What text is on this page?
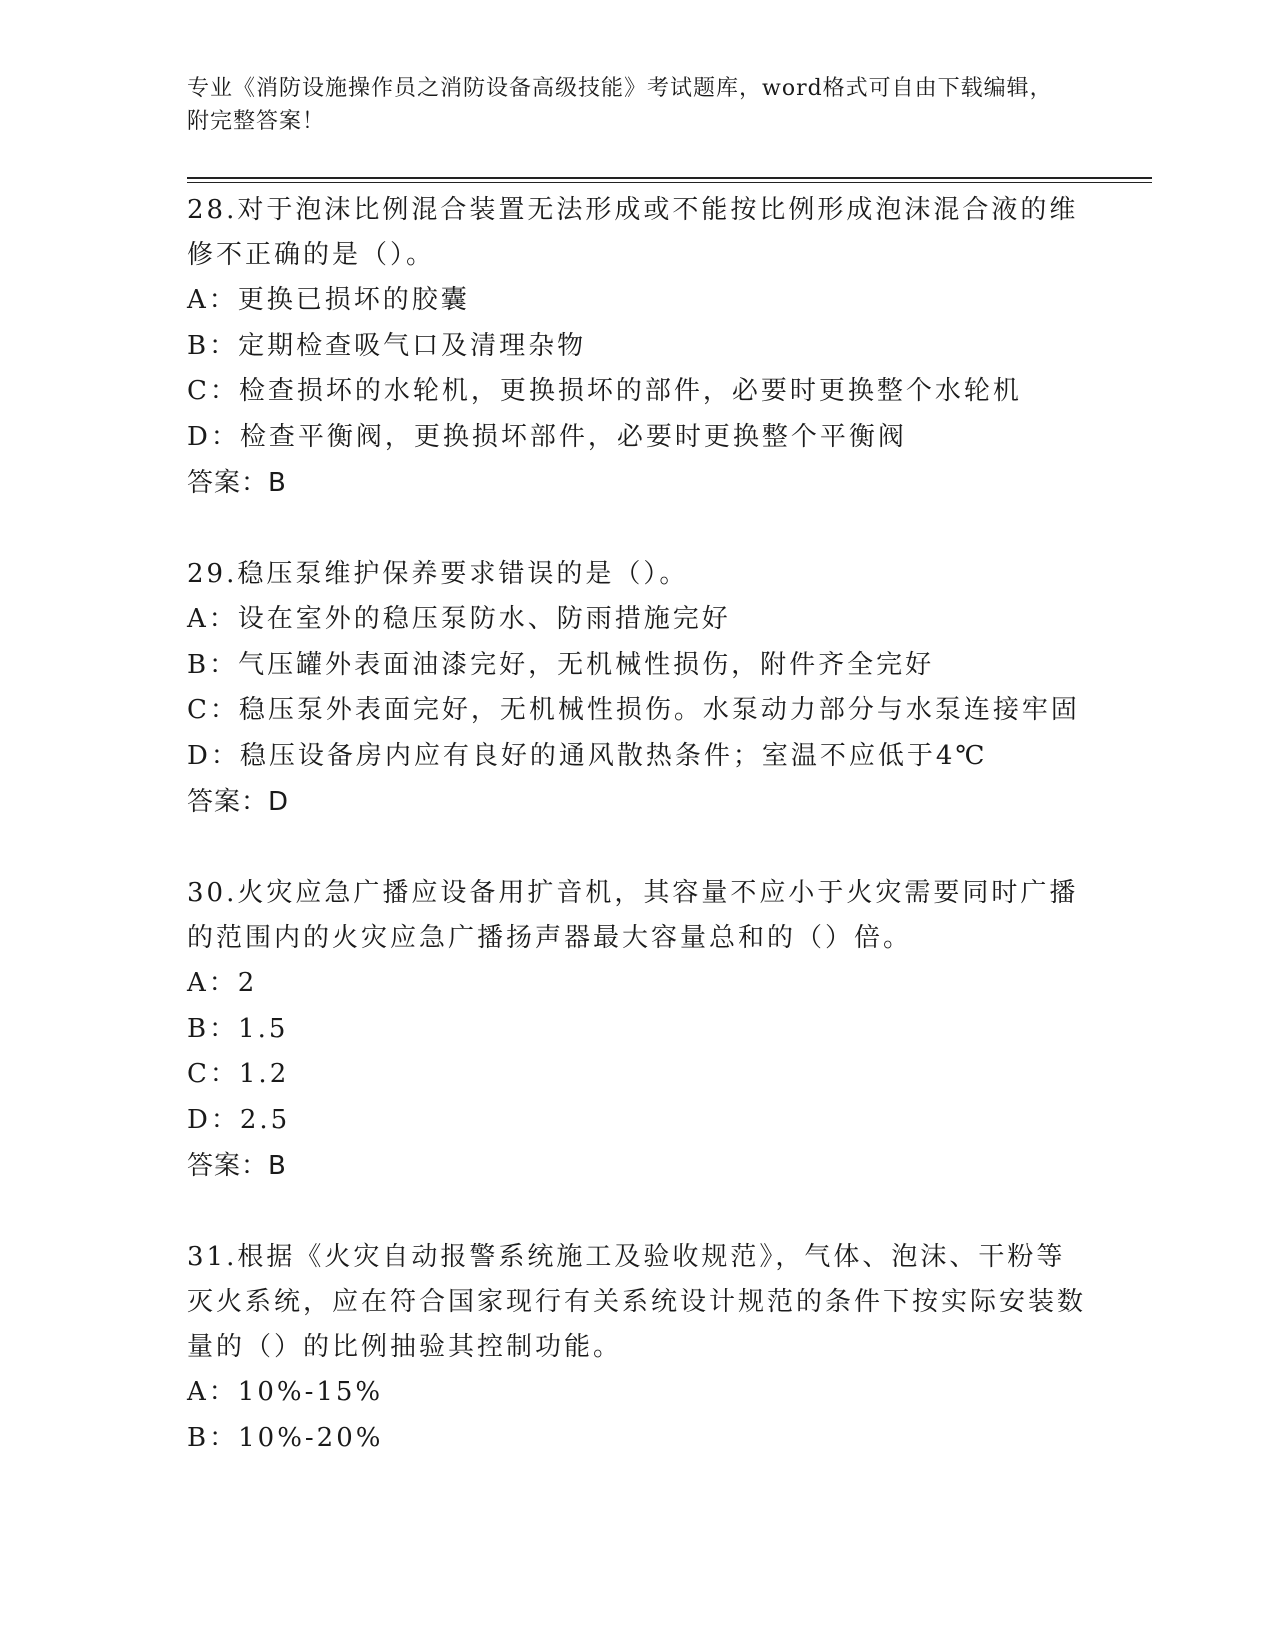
专业《消防设施操作员之消防设备高级技能》考试题库，word格式可自由下载编辑，附完整答案！
28.对于泡沫比例混合装置无法形成或不能按比例形成泡沫混合液的维修不正确的是（）。
A：更换已损坏的胶囊
B：定期检查吸气口及清理杂物
C：检查损坏的水轮机，更换损坏的部件，必要时更换整个水轮机
D：检查平衡阀，更换损坏部件，必要时更换整个平衡阀
答案：B
29.稳压泵维护保养要求错误的是（）。
A：设在室外的稳压泵防水、防雨措施完好
B：气压罐外表面油漆完好，无机械性损伤，附件齐全完好
C：稳压泵外表面完好，无机械性损伤。水泵动力部分与水泵连接牢固
D：稳压设备房内应有良好的通风散热条件；室温不应低于4℃
答案：D
30.火灾应急广播应设备用扩音机，其容量不应小于火灾需要同时广播的范围内的火灾应急广播扬声器最大容量总和的（）倍。
A：2
B：1.5
C：1.2
D：2.5
答案：B
31.根据《火灾自动报警系统施工及验收规范》，气体、泡沫、干粉等灭火系统，应在符合国家现行有关系统设计规范的条件下按实际安装数量的（）的比例抽验其控制功能。
A：10%-15%
B：10%-20%
